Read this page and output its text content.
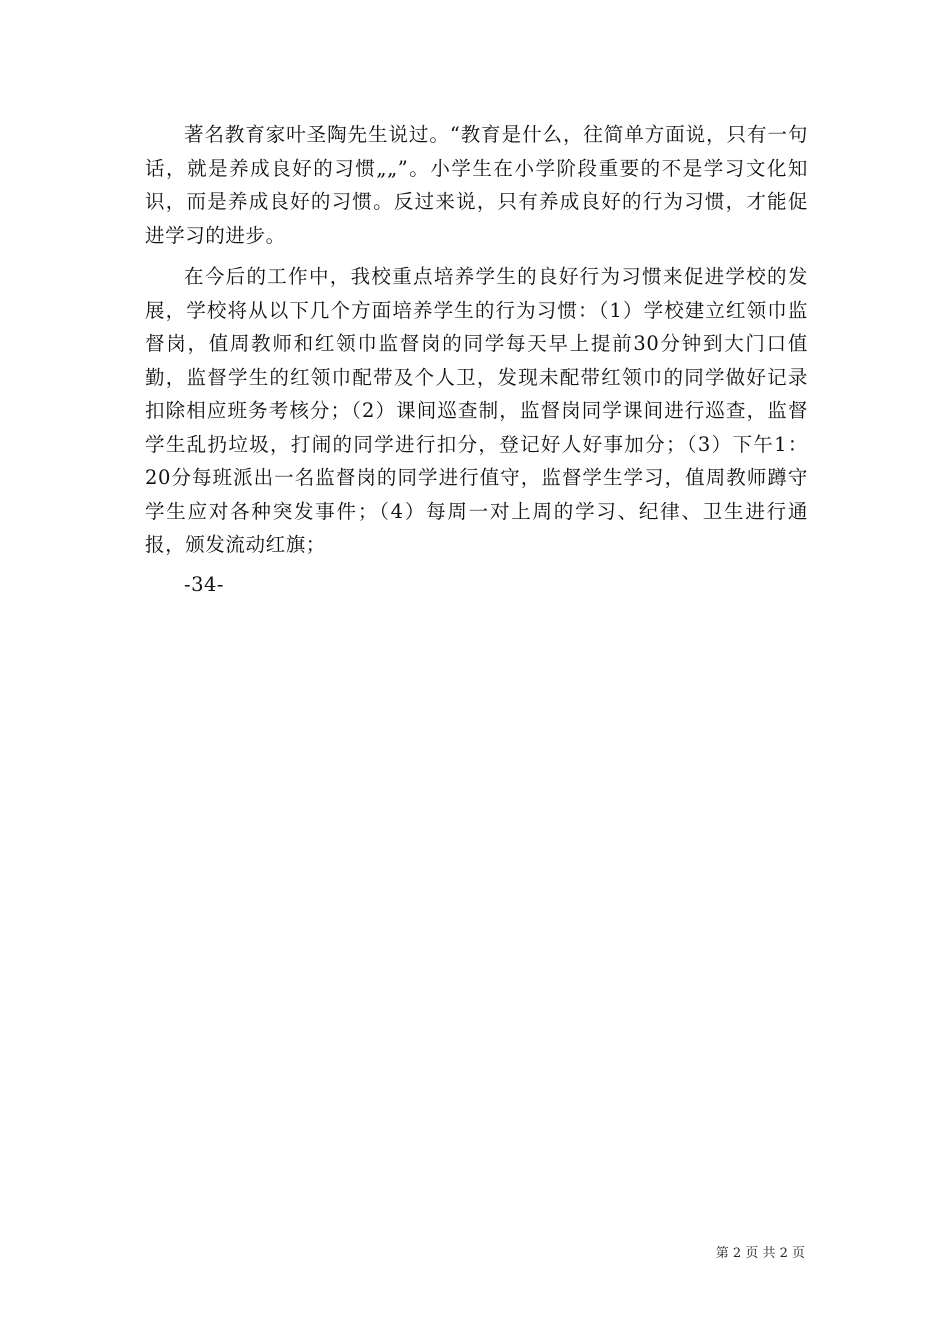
著名教育家叶圣陶先生说过。“教育是什么，往简单方面说，只有一句话，就是养成良好的习惯„„”。小学生在小学阶段重要的不是学习文化知识，而是养成良好的习惯。反过来说，只有养成良好的行为习惯，才能促进学习的进步。

在今后的工作中，我校重点培养学生的良好行为习惯来促进学校的发展，学校将从以下几个方面培养学生的行为习惯：（1）学校建立红领巾监督岗，值周教师和红领巾监督岗的同学每天早上提前30分钟到大门口值勤，监督学生的红领巾配带及个人卫，发现未配带红领巾的同学做好记录扣除相应班务考核分；（2）课间巡查制，监督岗同学课间进行巡查，监督学生乱扔垃圾，打闹的同学进行扣分，登记好人好事加分；（3）下午1：20分每班派出一名监督岗的同学进行值守，监督学生学习，值周教师蹲守学生应对各种突发事件；（4）每周一对上周的学习、纪律、卫生进行通报，颁发流动红旗；

-34-

第 2 页 共 2 页
